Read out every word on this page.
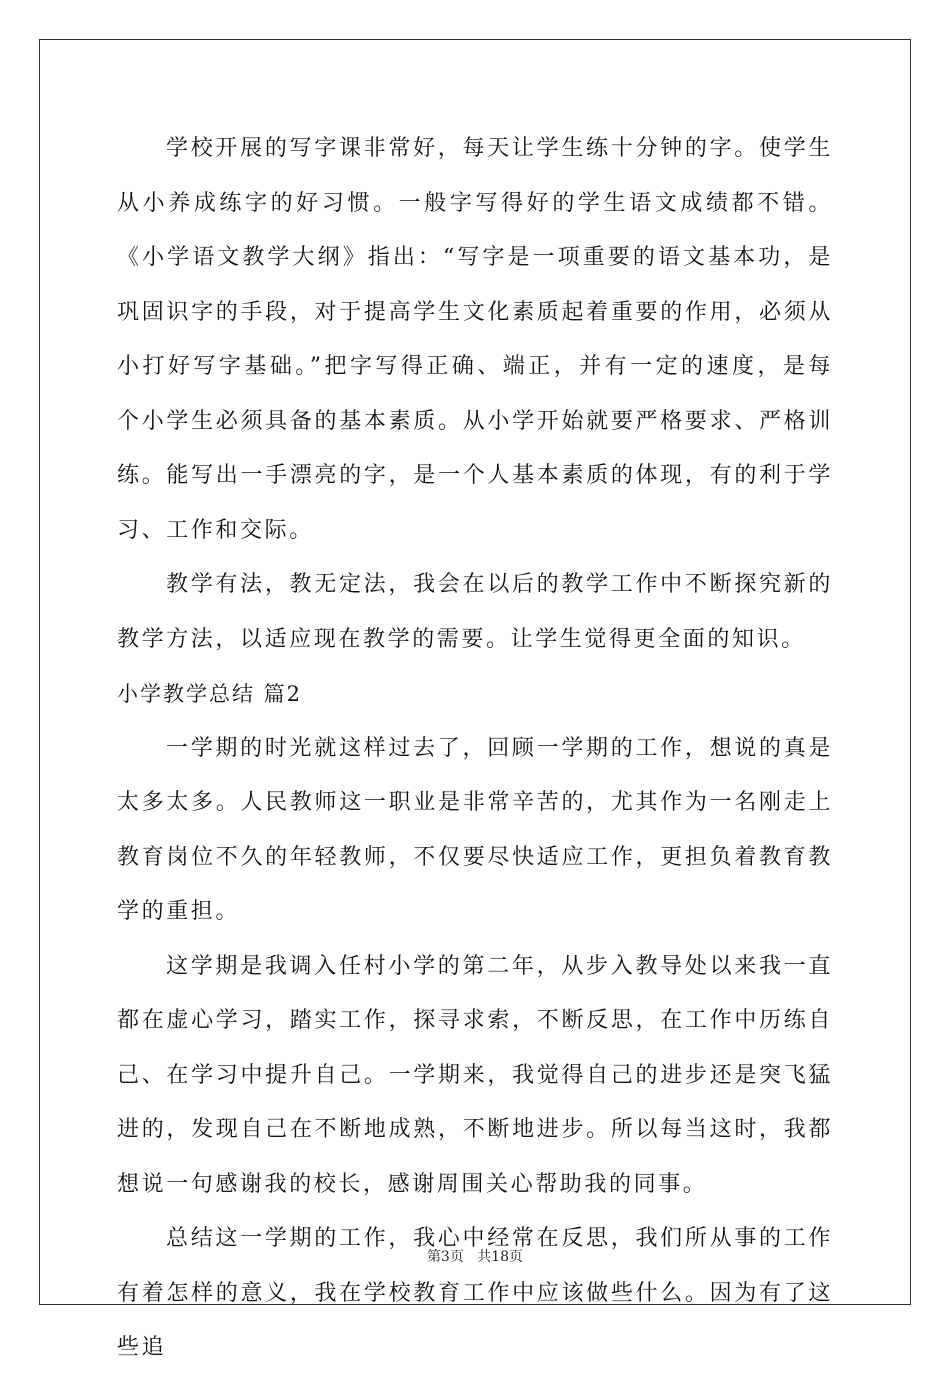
学校开展的写字课非常好，每天让学生练十分钟的字。使学生从小养成练字的好习惯。一般字写得好的学生语文成绩都不错。《小学语文教学大纲》指出：“写字是一项重要的语文基本功，是巩固识字的手段，对于提高学生文化素质起着重要的作用，必须从小打好写字基础。”把字写得正确、端正，并有一定的速度，是每个小学生必须具备的基本素质。从小学开始就要严格要求、严格训练。能写出一手漂亮的字，是一个人基本素质的体现，有的利于学习、工作和交际。

教学有法，教无定法，我会在以后的教学工作中不断探究新的教学方法，以适应现在教学的需要。让学生觉得更全面的知识。

小学教学总结 篇2

一学期的时光就这样过去了，回顾一学期的工作，想说的真是太多太多。人民教师这一职业是非常辛苦的，尤其作为一名刚走上教育岗位不久的年轻教师，不仅要尽快适应工作，更担负着教育教学的重担。

这学期是我调入任村小学的第二年，从步入教导处以来我一直都在虚心学习，踏实工作，探寻求索，不断反思，在工作中历练自己、在学习中提升自己。一学期来，我觉得自己的进步还是突飞猛进的，发现自己在不断地成熟，不断地进步。所以每当这时，我都想说一句感谢我的校长，感谢周围关心帮助我的同事。

总结这一学期的工作，我心中经常在反思，我们所从事的工作有着怎样的意义，我在学校教育工作中应该做些什么。因为有了这些追

第3页 共18页
